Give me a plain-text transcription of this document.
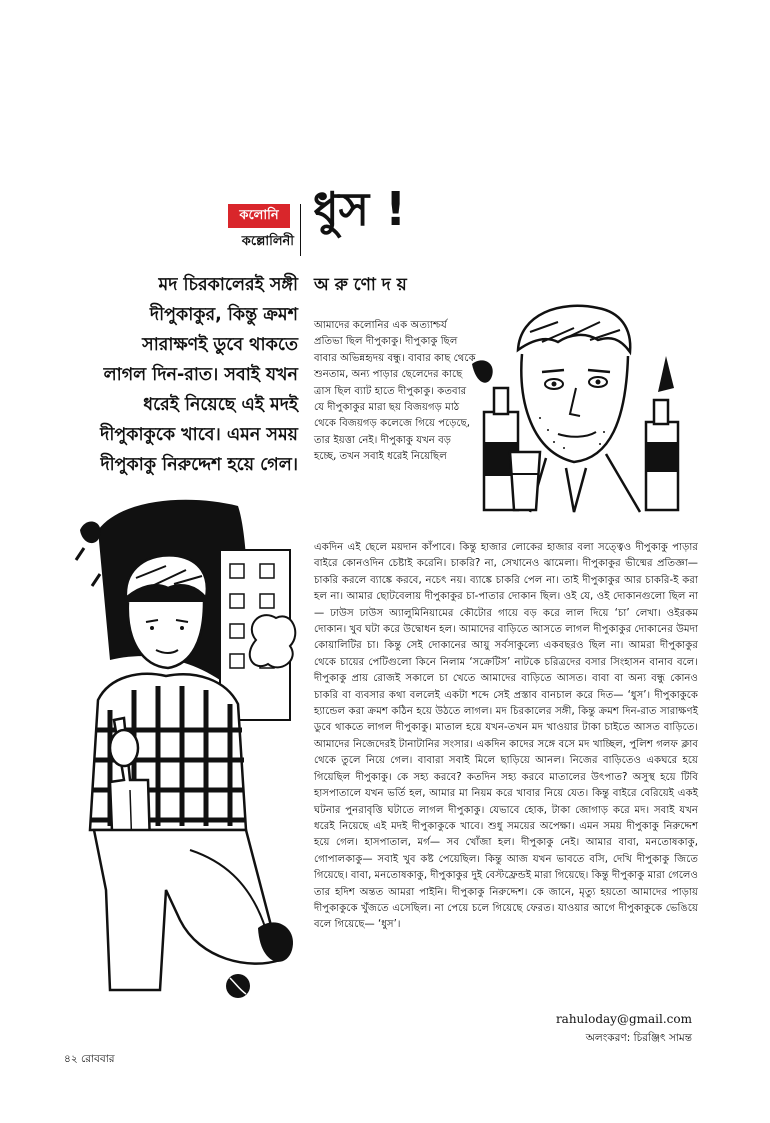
কলোনি
কল্লোলিনী
ধুস !
অরুণোদয়
মদ চিরকালেরই সঙ্গী দীপুকাকুর, কিন্তু ক্রমশ সারাক্ষণই ডুবে থাকতে লাগল দিন-রাত। সবাই যখন ধরেই নিয়েছে এই মদই দীপুকাকুকে খাবে। এমন সময় দীপুকাকু নিরুদ্দেশ হয়ে গেল।
আমাদের কলোনির এক অত্যাশ্চর্য প্রতিভা ছিল দীপুকাকু। দীপুকাকু ছিল বাবার অভিন্নহৃদয় বন্ধু। বাবার কাছ থেকে শুনতাম, অন্য পাড়ার ছেলেদের কাছে ত্রাস ছিল ব্যাট হাতে দীপুকাকু। কতবার যে দীপুকাকুর মারা ছয় বিজয়গড় মাঠ থেকে বিজয়গড় কলেজে গিয়ে পড়েছে, তার ইয়ত্তা নেই। দীপুকাকু যখন বড় হচ্ছে, তখন সবাই ধরেই নিয়েছিল
একদিন এই ছেলে ময়দান কাঁপাবে। কিন্তু হাজার লোকের হাজার বলা সত্ত্বেও দীপুকাকু পাড়ার বাইরে কোনওদিন চেষ্টাই করেনি। চাকরি? না, সেখানেও ঝামেলা। দীপুকাকুর ভীষ্মের প্রতিজ্ঞা— চাকরি করলে ব্যাঙ্কে করবে, নচেৎ নয়। ব্যাঙ্কে চাকরি পেল না। তাই দীপুকাকুর আর চাকরি-ই করা হল না। আমার ছোটবেলায় দীপুকাকুর চা-পাতার দোকান ছিল। ওই যে, ওই দোকানগুলো ছিল না— ঢাউস ঢাউস অ্যালুমিনিয়ামের কৌটোর গায়ে বড় করে লাল দিয়ে ‘চা’ লেখা। ওইরকম দোকান। খুব ঘটা করে উদ্বোধন হল। আমাদের বাড়িতে আসতে লাগল দীপুকাকুর দোকানের উমদা কোয়ালিটির চা। কিন্তু সেই দোকানের আয়ু সর্বসাকুল্যে একবছরও ছিল না। আমরা দীপুকাকুর থেকে চায়ের পেটিগুলো কিনে নিলাম ‘সক্রেটিস’ নাটকে চরিত্রদের বসার সিংহাসন বানাব বলে। দীপুকাকু প্রায় রোজই সকালে চা খেতে আমাদের বাড়িতে আসত। বাবা বা অন্য বন্ধু কোনও চাকরি বা ব্যবসার কথা বললেই একটা শব্দে সেই প্রস্তাব বানচাল করে দিত— ‘ধুস’। দীপুকাকুকে হ্যান্ডেল করা ক্রমশ কঠিন হয়ে উঠতে লাগল। মদ চিরকালের সঙ্গী, কিন্তু ক্রমশ দিন-রাত সারাক্ষণই ডুবে থাকতে লাগল দীপুকাকু। মাতাল হয়ে যখন-তখন মদ খাওয়ার টাকা চাইতে আসত বাড়িতে। আমাদের নিজেদেরই টানাটানির সংসার। একদিন কাদের সঙ্গে বসে মদ খাচ্ছিল, পুলিশ গলফ ক্লাব থেকে তুলে নিয়ে গেল। বাবারা সবাই মিলে ছাড়িয়ে আনল। নিজের বাড়িতেও একঘরে হয়ে গিয়েছিল দীপুকাকু। কে সহ্য করবে? কতদিন সহ্য করবে মাতালের উৎপাত? অসুস্থ হয়ে টিবি হাসপাতালে যখন ভর্তি হল, আমার মা নিয়ম করে খাবার নিয়ে যেত। কিন্তু বাইরে বেরিয়েই একই ঘটনার পুনরাবৃত্তি ঘটাতে লাগল দীপুকাকু। যেভাবে হোক, টাকা জোগাড় করে মদ। সবাই যখন ধরেই নিয়েছে এই মদই দীপুকাকুকে খাবে। শুধু সময়ের অপেক্ষা। এমন সময় দীপুকাকু নিরুদ্দেশ হয়ে গেল। হাসপাতাল, মর্গ— সব খোঁজা হল। দীপুকাকু নেই। আমার বাবা, মনতোষকাকু, গোপালকাকু— সবাই খুব কষ্ট পেয়েছিল। কিন্তু আজ যখন ভাবতে বসি, দেখি দীপুকাকু জিতে গিয়েছে। বাবা, মনতোষকাকু, দীপুকাকুর দুই বেস্টফ্রেন্ডই মারা গিয়েছে। কিন্তু দীপুকাকু মারা গেলেও তার হদিশ অন্তত আমরা পাইনি। দীপুকাকু নিরুদ্দেশ। কে জানে, মৃত্যু হয়তো আমাদের পাড়ায় দীপুকাকুকে খুঁজতে এসেছিল। না পেয়ে চলে গিয়েছে ফেরত। যাওয়ার আগে দীপুকাকুকে ভেঙিয়ে বলে গিয়েছে— ‘ধুস’।
rahuloday@gmail.com
অলংকরণ: চিরঞ্জিৎ সামন্ত
৪২ রোববার
